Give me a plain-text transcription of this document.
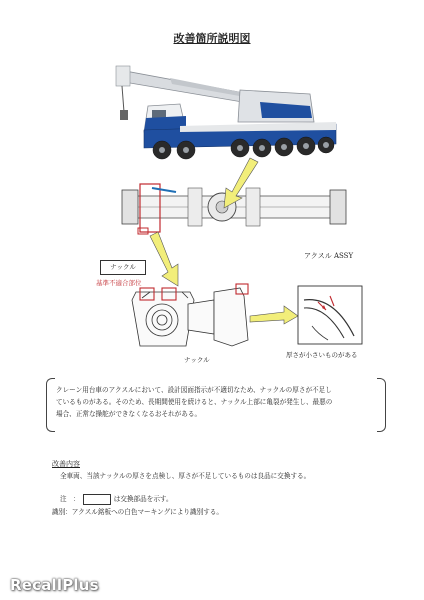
改善箇所説明図
ナックル
基準不適合部位
アクスル ASSY
ナックル
厚さが小さいものがある
クレーン用台車のアクスルにおいて、設計図面指示が不適切なため、ナックルの厚さが不足し
ているものがある。そのため、長期間使用を続けると、ナックル上部に亀裂が発生し、最悪の
場合、正常な操舵ができなくなるおそれがある。
改善内容
全車両、当該ナックルの厚さを点検し、厚さが不足しているものは良品に交換する。
注　：	は交換部品を示す。
識別：アクスル銘板への白色マーキングにより識別する。
RecallPlus
